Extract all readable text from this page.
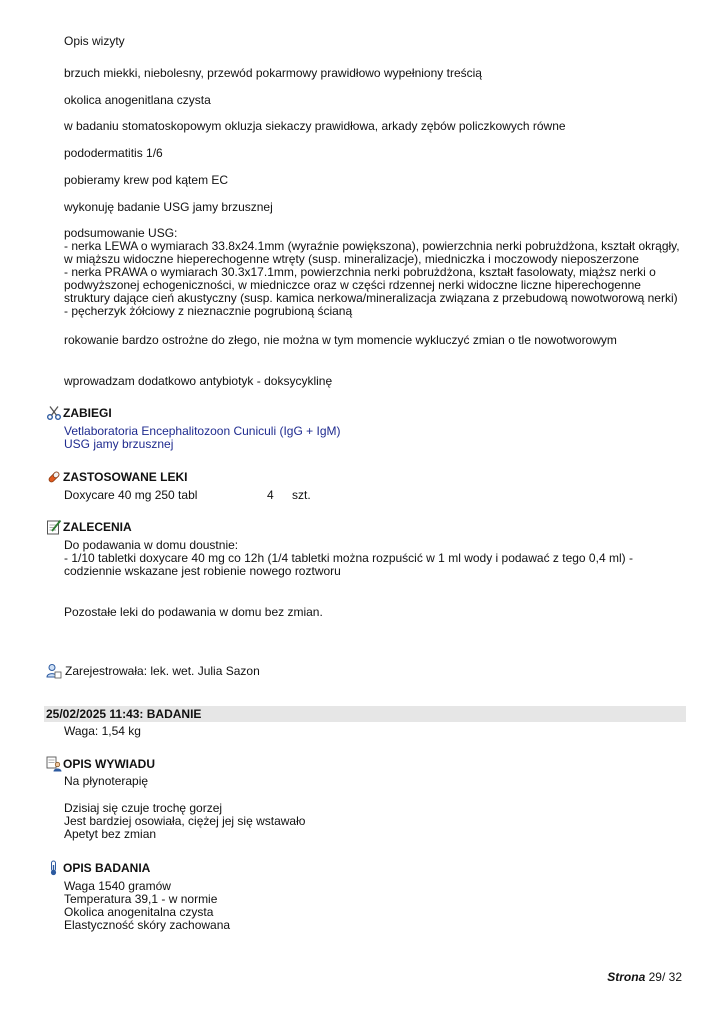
Opis wizyty
brzuch miekki, niebolesny, przewód pokarmowy prawidłowo wypełniony treścią
okolica anogenitlana czysta
w badaniu stomatoskopowym okluzja siekaczy prawidłowa, arkady zębów policzkowych równe
pododermatitis 1/6
pobieramy krew pod kątem EC
wykonuję badanie USG jamy brzusznej
podsumowanie USG:
- nerka LEWA o wymiarach 33.8x24.1mm (wyraźnie powiększona), powierzchnia nerki pobrużdżona, kształt okrągły,
w miąższu widoczne hieperechogenne wtręty (susp. mineralizacje), miedniczka i moczowody nieposzerzone
- nerka PRAWA o wymiarach 30.3x17.1mm, powierzchnia nerki pobrużdżona, kształt fasolowaty, miąższ nerki o
podwyższonej echogeniczności, w miedniczce oraz w części rdzennej nerki widoczne liczne hiperechogenne
struktury dające cień akustyczny (susp. kamica nerkowa/mineralizacja związana z przebudową nowotworową nerki)
- pęcherzyk żółciowy z nieznacznie pogrubioną ścianą
rokowanie bardzo ostrożne do złego, nie można w tym momencie wykluczyć zmian o tle nowotworowym
wprowadzam dodatkowo antybiotyk - doksycyklinę
ZABIEGI
Vetlaboratoria Encephalitozoon Cuniculi (IgG + IgM)
USG jamy brzusznej
ZASTOSOWANE LEKI
Doxycare 40 mg 250 tabl	4 szt.
ZALECENIA
Do podawania w domu doustnie:
- 1/10 tabletki doxycare 40 mg co 12h (1/4 tabletki można rozpuścić w 1 ml wody i podawać z tego 0,4 ml) -
codziennie wskazane jest robienie nowego roztworu
Pozostałe leki do podawania w domu bez zmian.
Zarejestrowała: lek. wet. Julia Sazon
25/02/2025 11:43: BADANIE
Waga: 1,54 kg
OPIS WYWIADU
Na płynoterapię
Dzisiaj się czuje trochę gorzej
Jest bardziej osowiała, ciężej jej się wstawało
Apetyt bez zmian
OPIS BADANIA
Waga 1540 gramów
Temperatura 39,1 - w normie
Okolica anogenitalna czysta
Elastyczność skóry zachowana
Strona 29/ 32
